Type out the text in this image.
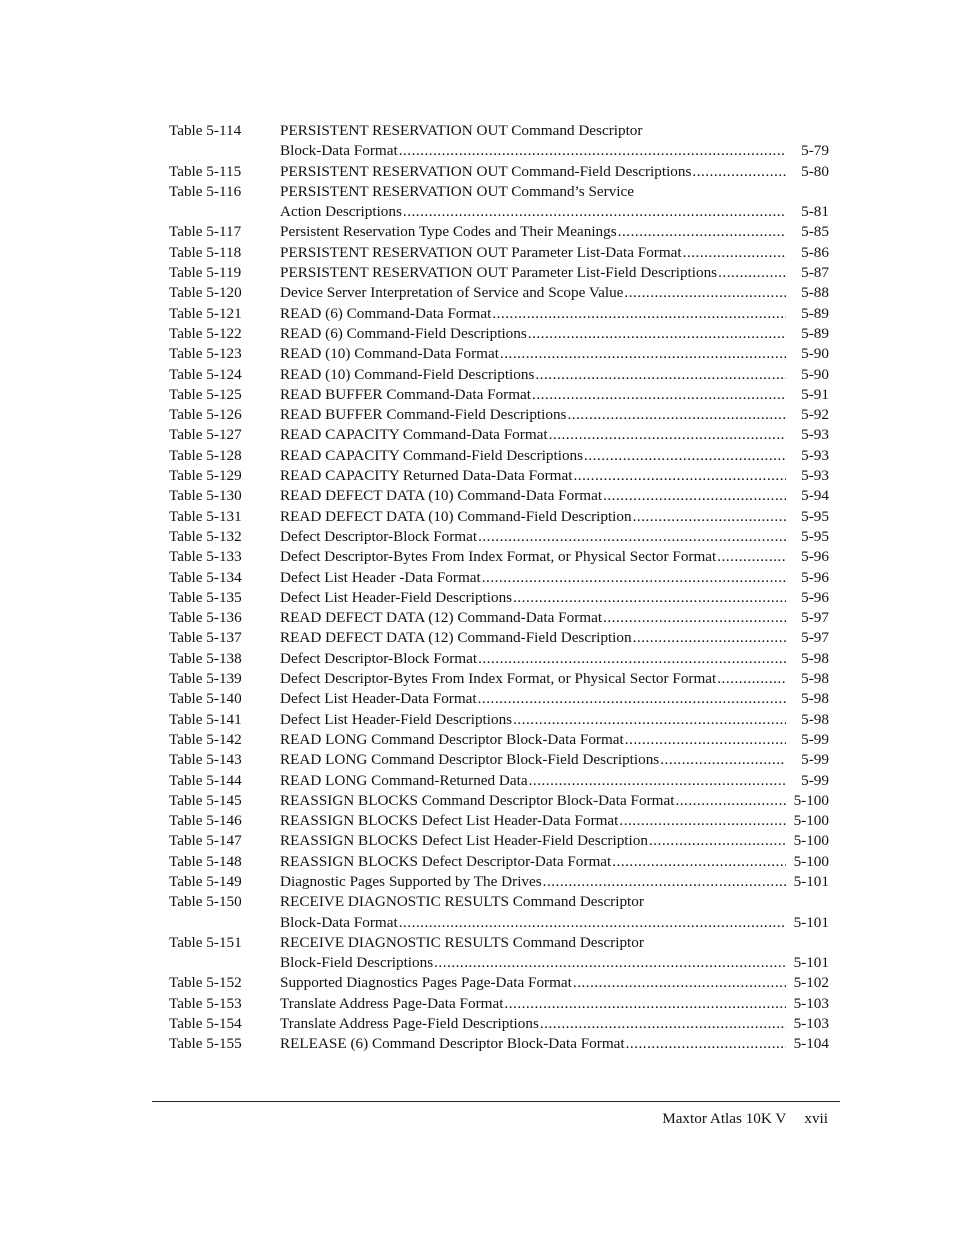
Table 5-114	PERSISTENT RESERVATION OUT Command Descriptor
Block-Data Format .....	5-79
Table 5-115	PERSISTENT RESERVATION OUT Command-Field Descriptions .....	5-80
Table 5-116	PERSISTENT RESERVATION OUT Command’s Service
Action Descriptions .....	5-81
Table 5-117	Persistent Reservation Type Codes and Their Meanings .....	5-85
Table 5-118	PERSISTENT RESERVATION OUT Parameter List-Data Format .....	5-86
Table 5-119	PERSISTENT RESERVATION OUT Parameter List-Field Descriptions .....	5-87
Table 5-120	Device Server Interpretation of Service and Scope Value .....	5-88
Table 5-121	READ (6) Command-Data Format .....	5-89
Table 5-122	READ (6) Command-Field Descriptions .....	5-89
Table 5-123	READ (10) Command-Data Format .....	5-90
Table 5-124	READ (10) Command-Field Descriptions .....	5-90
Table 5-125	READ BUFFER Command-Data Format .....	5-91
Table 5-126	READ BUFFER Command-Field Descriptions .....	5-92
Table 5-127	READ CAPACITY Command-Data Format .....	5-93
Table 5-128	READ CAPACITY Command-Field Descriptions .....	5-93
Table 5-129	READ CAPACITY Returned Data-Data Format .....	5-93
Table 5-130	READ DEFECT DATA (10) Command-Data Format .....	5-94
Table 5-131	READ DEFECT DATA (10) Command-Field Description .....	5-95
Table 5-132	Defect Descriptor-Block Format .....	5-95
Table 5-133	Defect Descriptor-Bytes From Index Format, or Physical Sector Format .....	5-96
Table 5-134	Defect List Header -Data Format .....	5-96
Table 5-135	Defect List Header-Field Descriptions .....	5-96
Table 5-136	READ DEFECT DATA (12) Command-Data Format .....	5-97
Table 5-137	READ DEFECT DATA (12) Command-Field Description .....	5-97
Table 5-138	Defect Descriptor-Block Format .....	5-98
Table 5-139	Defect Descriptor-Bytes From Index Format, or Physical Sector Format .....	5-98
Table 5-140	Defect List Header-Data Format .....	5-98
Table 5-141	Defect List Header-Field Descriptions .....	5-98
Table 5-142	READ LONG Command Descriptor Block-Data Format .....	5-99
Table 5-143	READ LONG Command Descriptor Block-Field Descriptions .....	5-99
Table 5-144	READ LONG Command-Returned Data .....	5-99
Table 5-145	REASSIGN BLOCKS Command Descriptor Block-Data Format .....	5-100
Table 5-146	REASSIGN BLOCKS Defect List Header-Data Format .....	5-100
Table 5-147	REASSIGN BLOCKS Defect List Header-Field Description .....	5-100
Table 5-148	REASSIGN BLOCKS Defect Descriptor-Data Format .....	5-100
Table 5-149	Diagnostic Pages Supported by The Drives .....	5-101
Table 5-150	RECEIVE DIAGNOSTIC RESULTS Command Descriptor
Block-Data Format .....	5-101
Table 5-151	RECEIVE DIAGNOSTIC RESULTS Command Descriptor
Block-Field Descriptions .....	5-101
Table 5-152	Supported Diagnostics Pages Page-Data Format .....	5-102
Table 5-153	Translate Address Page-Data Format .....	5-103
Table 5-154	Translate Address Page-Field Descriptions .....	5-103
Table 5-155	RELEASE (6) Command Descriptor Block-Data Format .....	5-104
Maxtor Atlas 10K V xvii
